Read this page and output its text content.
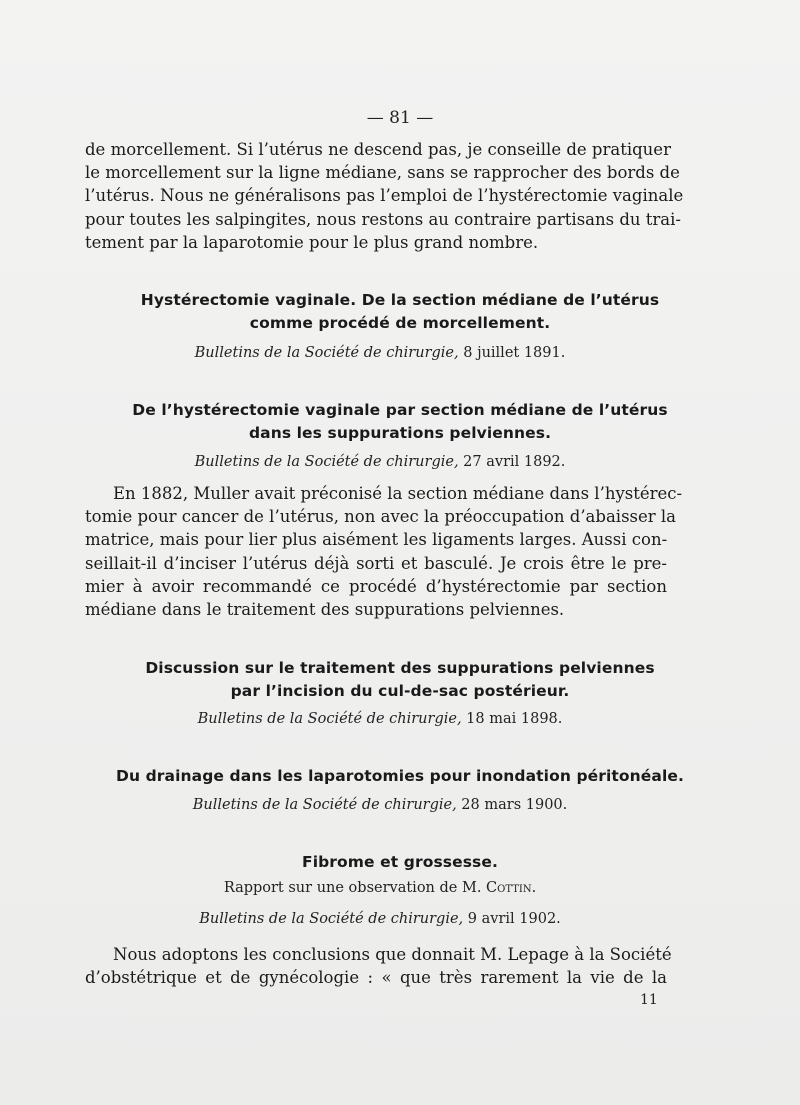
— 81 —
de morcellement. Si l’utérus ne descend pas, je conseille de pratiquer
le morcellement sur la ligne médiane, sans se rapprocher des bords de
l’utérus. Nous ne généralisons pas l’emploi de l’hystérectomie vaginale
pour toutes les salpingites, nous restons au contraire partisans du trai-
tement par la laparotomie pour le plus grand nombre.
Hystérectomie vaginale. De la section médiane de l’utérus
comme procédé de morcellement.
Bulletins de la Société de chirurgie, 8 juillet 1891.
De l’hystérectomie vaginale par section médiane de l’utérus
dans les suppurations pelviennes.
Bulletins de la Société de chirurgie, 27 avril 1892.
En 1882, Muller avait préconisé la section médiane dans l’hystérec-
tomie pour cancer de l’utérus, non avec la préoccupation d’abaisser la
matrice, mais pour lier plus aisément les ligaments larges. Aussi con-
seillait-il d’inciser l’utérus déjà sorti et basculé. Je crois être le pre-
mier à avoir recommandé ce procédé d’hystérectomie par section
médiane dans le traitement des suppurations pelviennes.
Discussion sur le traitement des suppurations pelviennes
par l’incision du cul-de-sac postérieur.
Bulletins de la Société de chirurgie, 18 mai 1898.
Du drainage dans les laparotomies pour inondation péritonéale.
Bulletins de la Société de chirurgie, 28 mars 1900.
Fibrome et grossesse.
Rapport sur une observation de M. Cottin.
Bulletins de la Société de chirurgie, 9 avril 1902.
Nous adoptons les conclusions que donnait M. Lepage à la Société
d’obstétrique et de gynécologie : « que très rarement la vie de la
11
